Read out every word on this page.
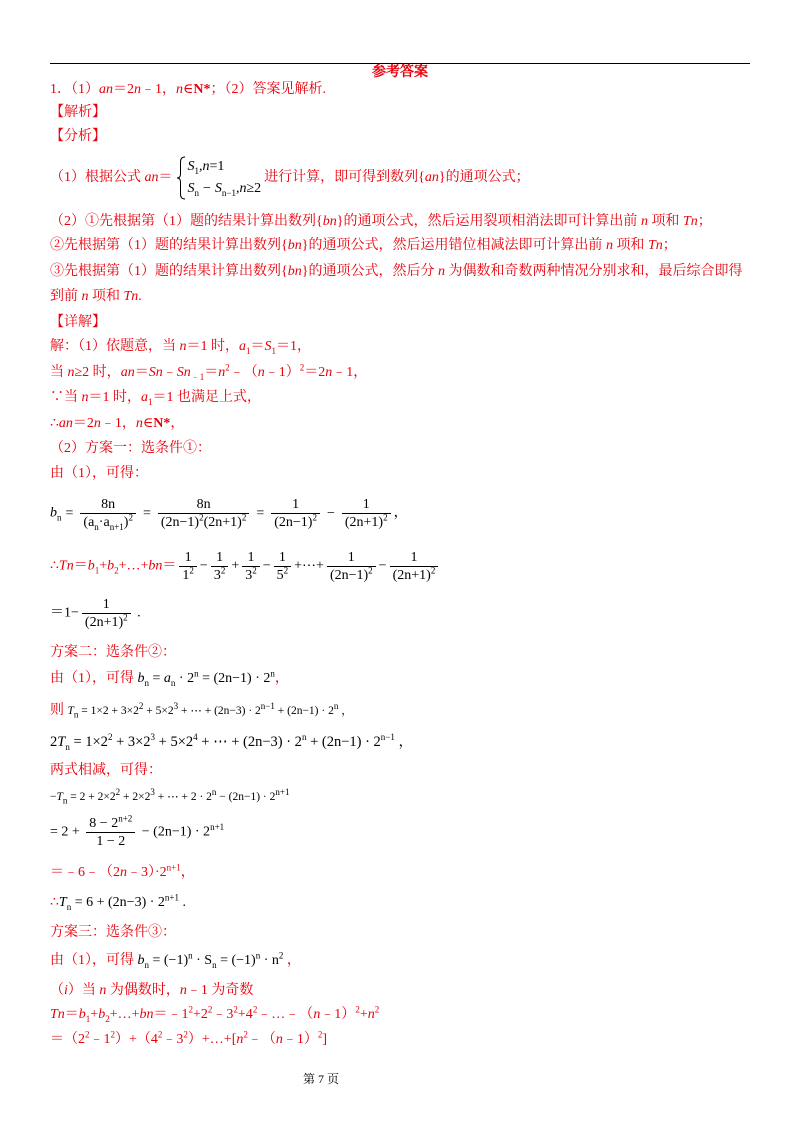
参考答案
1．（1）an＝2n﹣1，n∈N*；（2）答案见解析.
【解析】
【分析】
（1）根据公式 an＝
$S_1,n=1$
$S_n - S_{n-1},n\ge 2$
进行计算，即可得到数列{an}的通项公式；
（2）①先根据第（1）题的结果计算出数列{bn}的通项公式，然后运用裂项相消法即可计算出前 n 项和 Tn；
②先根据第（1）题的结果计算出数列{bn}的通项公式，然后运用错位相减法即可计算出前 n 项和 Tn；
③先根据第（1）题的结果计算出数列{bn}的通项公式，然后分 n 为偶数和奇数两种情况分别求和，最后综合即得
到前 n 项和 Tn.
【详解】
解：（1）依题意，当 n＝1 时，$a_1=S_1=1$，
当 n≥2 时，$an=Sn﹣Sn_{﹣1}=n^2﹣(n﹣1)^2=2n﹣1$，
∵当 n＝1 时，$a_1=1$ 也满足上式，
∴an＝2n﹣1，n∈N*，
（2）方案一：选条件①：
由（1），可得：
$b_n = \frac{8n}{(a_n\cdot a_{n+1})^2} = \frac{8n}{(2n-1)^2(2n+1)^2} = \frac{1}{(2n-1)^2} - \frac{1}{(2n+1)^2}$ ，
$\therefore Tn=b_1+b_2+\dots+bn= \frac{1}{1^2} - \frac{1}{3^2} + \frac{1}{3^2} - \frac{1}{5^2}$ +⋯+ $\frac{1}{(2n-1)^2} - \frac{1}{(2n+1)^2}$
$=1- \frac{1}{(2n+1)^2}$ .
方案二：选条件②：
由（1），可得 $b_n = a_n \cdot 2^n = (2n-1) \cdot 2^n$，
则 $T_n = 1\times 2 + 3\times 2^2 + 5\times 2^3$ + ⋯ + $(2n-3) \cdot 2^{n-1} + (2n-1) \cdot 2^n$ ，
$2T_n = 1\times 2^2 + 3\times 2^3 + 5\times 2^4$ + ⋯ + $(2n-3) \cdot 2^n + (2n-1) \cdot 2^{n-1}$ ，
两式相减，可得：
$-T_n = 2 + 2\times 2^2 + 2\times 2^3$ + ⋯ + $2 \cdot 2^n - (2n-1) \cdot 2^{n+1}$
= $2 + \frac{8 - 2^{n+2}}{1 - 2} - (2n-1) \cdot 2^{n+1}$
$=﹣6﹣(2n﹣3)\cdot 2^{n+1}$，
$\therefore T_n = 6 + (2n-3) \cdot 2^{n+1}$ .
方案三：选条件③：
由（1），可得 $b_n = (-1)^n \cdot S_n = (-1)^n \cdot n^2$ ，
（i）当 n 为偶数时，n﹣1 为奇数
$Tn=b_1+b_2+\dots+bn=﹣1^2+2^2﹣3^2+4^2﹣\dots﹣(n﹣1)^2+n^2$
$=(2^2﹣1^2)+(4^2﹣3^2)+\dots+[n^2﹣(n﹣1)^2]$
第 7 页
